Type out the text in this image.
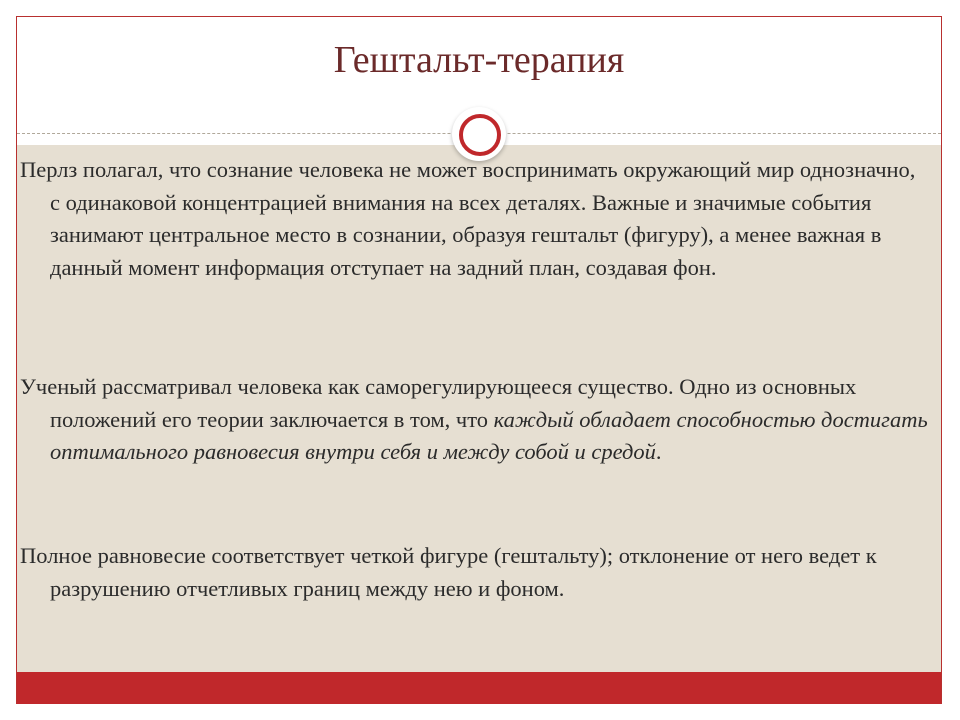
Гештальт-терапия

Перлз полагал, что сознание человека не может воспринимать окружающий мир однозначно, с одинаковой концентрацией внимания на всех деталях. Важные и значимые события занимают центральное место в сознании, образуя гештальт (фигуру), а менее важная в данный момент информация отступает на задний план, создавая фон.

Ученый рассматривал человека как саморегулирующееся существо. Одно из основных положений его теории заключается в том, что каждый обладает способностью достигать оптимального равновесия внутри себя и между собой и средой.

Полное равновесие соответствует четкой фигуре (гештальту); отклонение от него ведет к разрушению отчетливых границ между нею и фоном.
